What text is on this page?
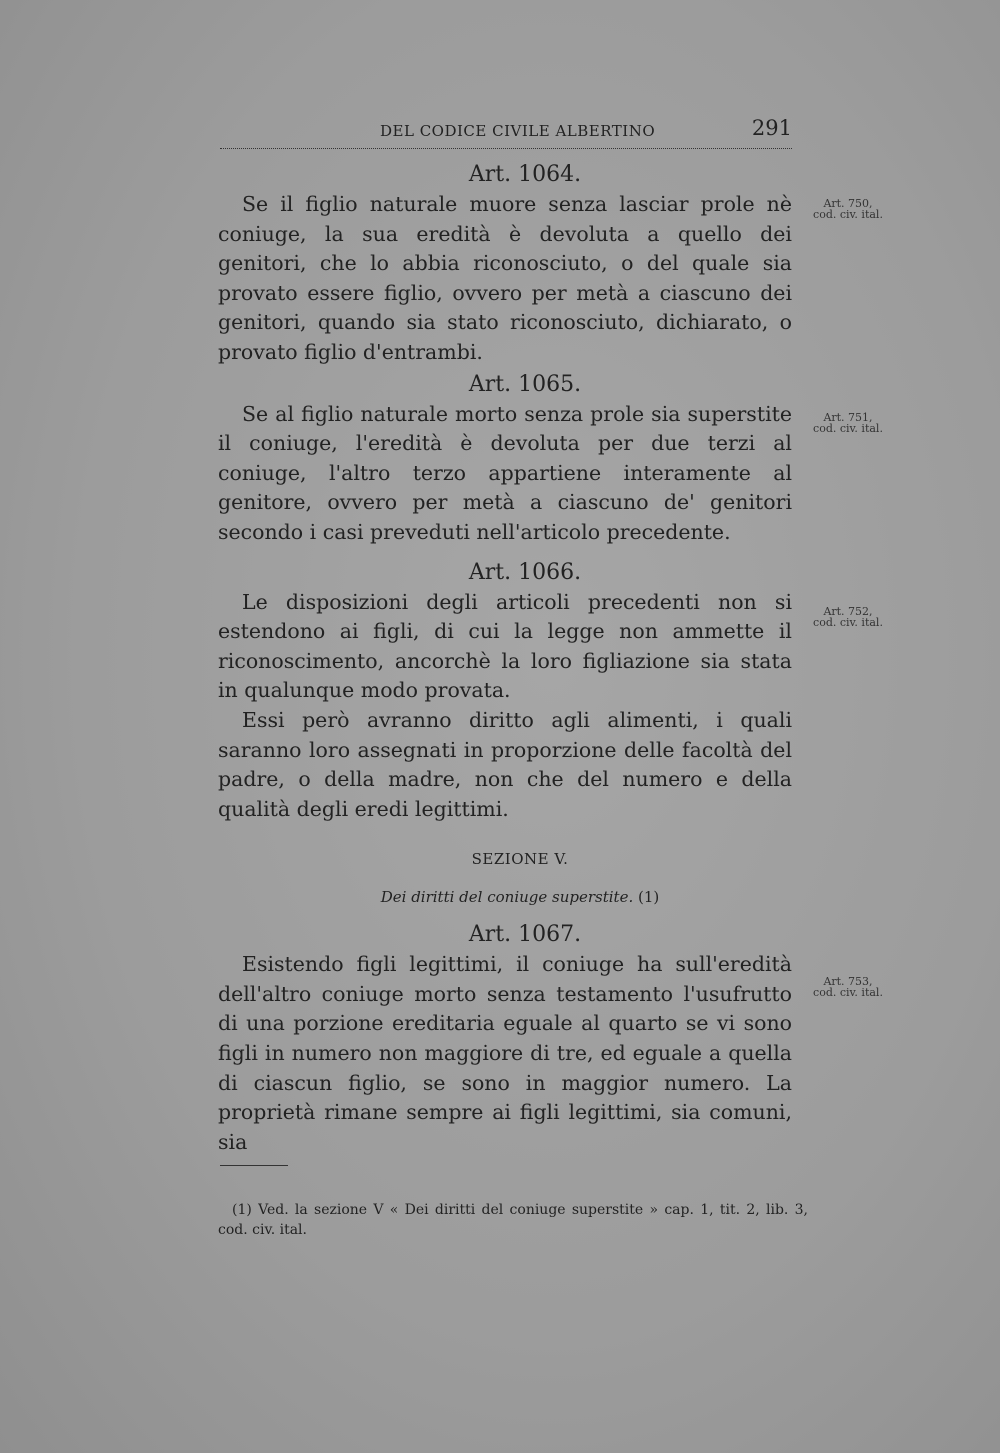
DEL CODICE CIVILE ALBERTINO	291

Art. 1064.

Se il figlio naturale muore senza lasciar prole nè coniuge, la sua eredità è devoluta a quello dei genitori, che lo abbia riconosciuto, o del quale sia provato essere figlio, ovvero per metà a ciascuno dei genitori, quando sia stato riconosciuto, dichiarato, o provato figlio d'entrambi.

Art. 1065.

Se al figlio naturale morto senza prole sia superstite il coniuge, l'eredità è devoluta per due terzi al coniuge, l'altro terzo appartiene interamente al genitore, ovvero per metà a ciascuno de' genitori secondo i casi preveduti nell'articolo precedente.

Art. 1066.

Le disposizioni degli articoli precedenti non si estendono ai figli, di cui la legge non ammette il riconoscimento, ancorchè la loro figliazione sia stata in qualunque modo provata.

Essi però avranno diritto agli alimenti, i quali saranno loro assegnati in proporzione delle facoltà del padre, o della madre, non che del numero e della qualità degli eredi legittimi.

SEZIONE V.

Dei diritti del coniuge superstite. (1)

Art. 1067.

Esistendo figli legittimi, il coniuge ha sull'eredità dell'altro coniuge morto senza testamento l'usufrutto di una porzione ereditaria eguale al quarto se vi sono figli in numero non maggiore di tre, ed eguale a quella di ciascun figlio, se sono in maggior numero. La proprietà rimane sempre ai figli legittimi, sia comuni, sia

Art. 750,
cod. civ. ital.
Art. 751,
cod. civ. ital.
Art. 752,
cod. civ. ital.
Art. 753,
cod. civ. ital.

(1) Ved. la sezione V « Dei diritti del coniuge superstite » cap. 1, tit. 2, lib. 3, cod. civ. ital.
